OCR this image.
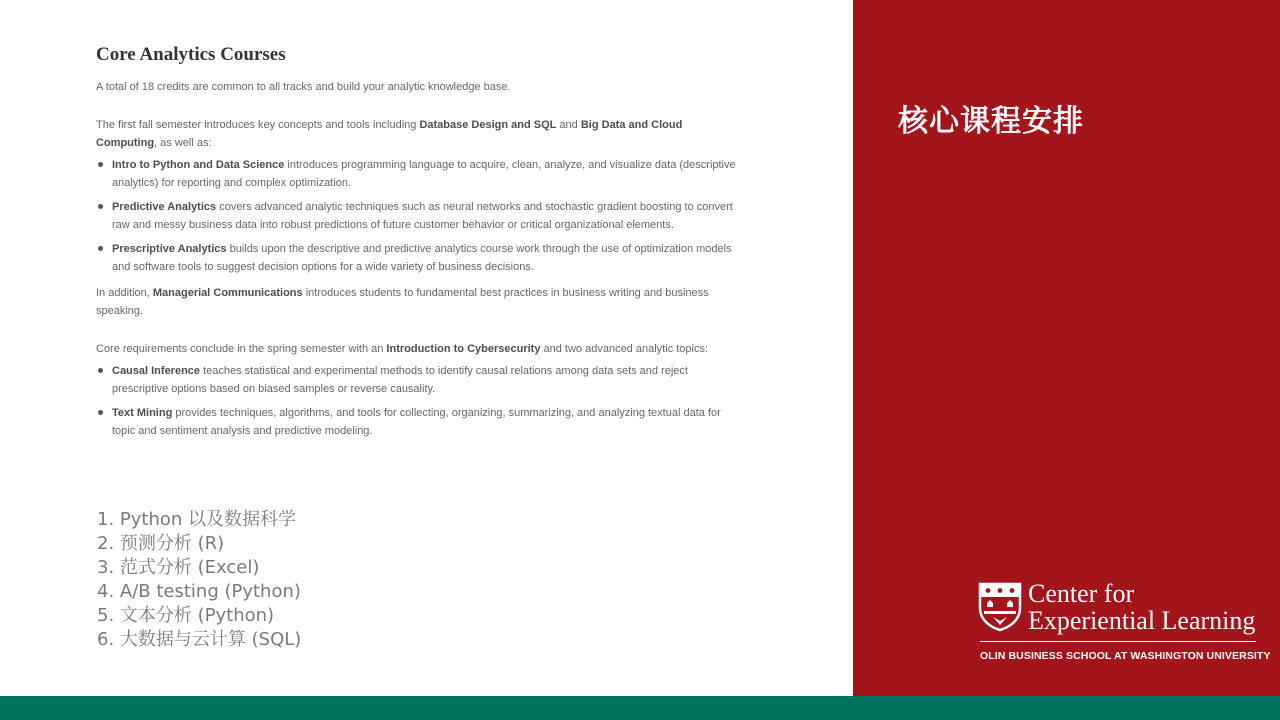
Core Analytics Courses

A total of 18 credits are common to all tracks and build your analytic knowledge base.

The first fall semester introduces key concepts and tools including Database Design and SQL and Big Data and Cloud Computing, as well as:

Intro to Python and Data Science introduces programming language to acquire, clean, analyze, and visualize data (descriptive analytics) for reporting and complex optimization.
Predictive Analytics covers advanced analytic techniques such as neural networks and stochastic gradient boosting to convert raw and messy business data into robust predictions of future customer behavior or critical organizational elements.
Prescriptive Analytics builds upon the descriptive and predictive analytics course work through the use of optimization models and software tools to suggest decision options for a wide variety of business decisions.

In addition, Managerial Communications introduces students to fundamental best practices in business writing and business speaking.

Core requirements conclude in the spring semester with an Introduction to Cybersecurity and two advanced analytic topics:

Causal Inference teaches statistical and experimental methods to identify causal relations among data sets and reject prescriptive options based on biased samples or reverse causality.
Text Mining provides techniques, algorithms, and tools for collecting, organizing, summarizing, and analyzing textual data for topic and sentiment analysis and predictive modeling.
1. Python 以及数据科学
2. 预测分析 (R)
3. 范式分析 (Excel)
4. A/B testing (Python)
5. 文本分析 (Python)
6. 大数据与云计算 (SQL)
核心课程安排
Center for
Experiential Learning
OLIN BUSINESS SCHOOL AT WASHINGTON UNIVERSITY
